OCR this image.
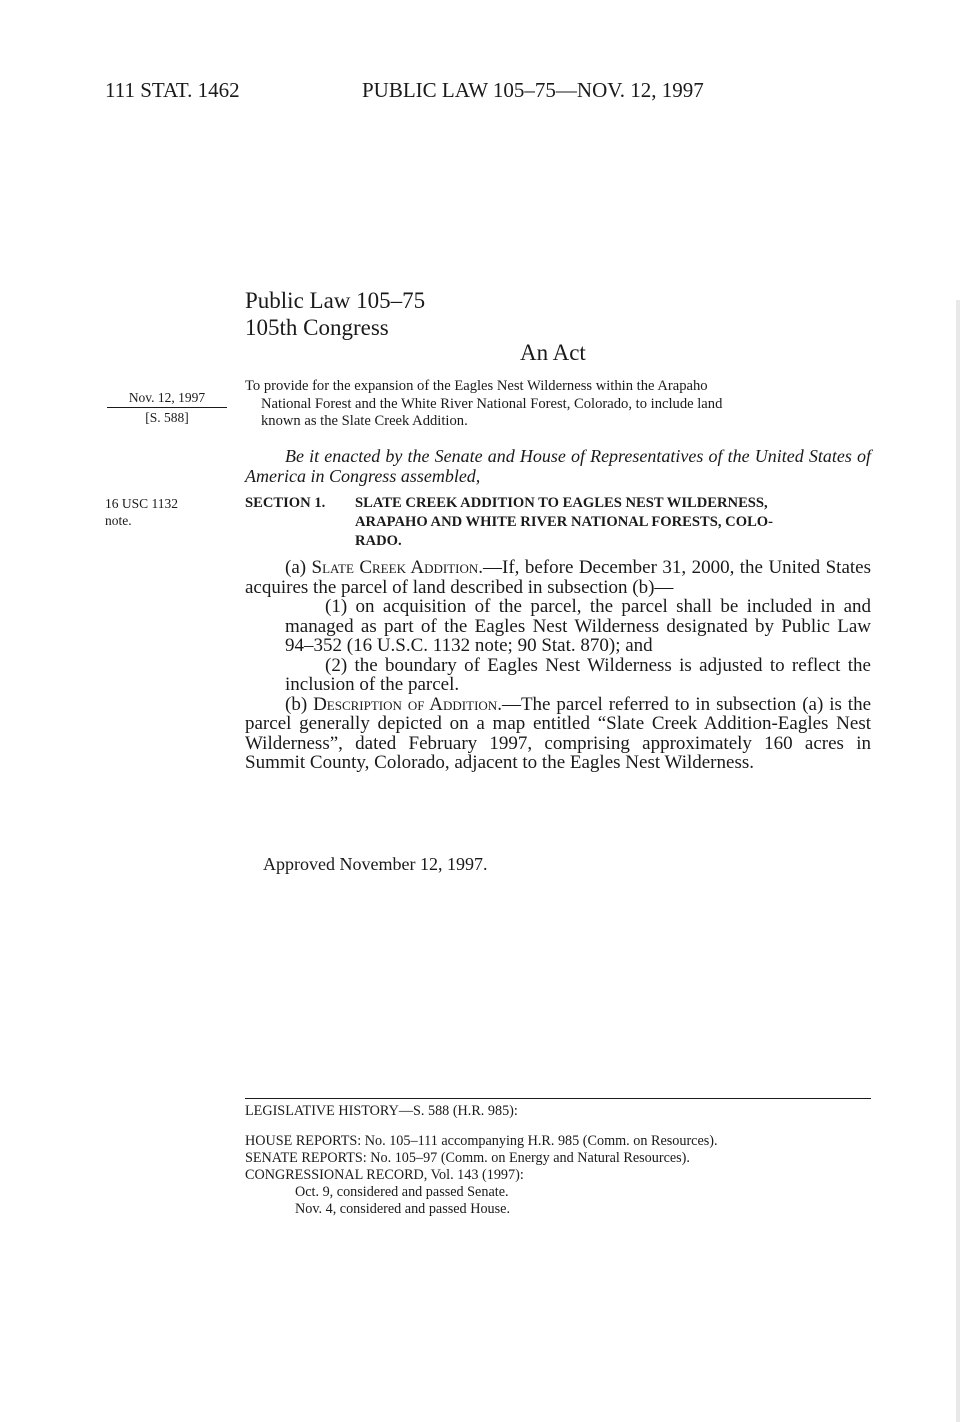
111 STAT. 1462	PUBLIC LAW 105–75—NOV. 12, 1997
Public Law 105–75
105th Congress
An Act
Nov. 12, 1997
[S. 588]
16 USC 1132
note.
To provide for the expansion of the Eagles Nest Wilderness within the Arapaho
National Forest and the White River National Forest, Colorado, to include land
known as the Slate Creek Addition.
Be it enacted by the Senate and House of Representatives of the United States of America in Congress assembled,
SECTION 1. SLATE CREEK ADDITION TO EAGLES NEST WILDERNESS,
ARAPAHO AND WHITE RIVER NATIONAL FORESTS, COLO-
RADO.

(a) Slate Creek Addition.—If, before December 31, 2000, the United States acquires the parcel of land described in subsection (b)—

(1) on acquisition of the parcel, the parcel shall be included in and managed as part of the Eagles Nest Wilderness designated by Public Law 94–352 (16 U.S.C. 1132 note; 90 Stat. 870); and

(2) the boundary of Eagles Nest Wilderness is adjusted to reflect the inclusion of the parcel.

(b) Description of Addition.—The parcel referred to in subsection (a) is the parcel generally depicted on a map entitled “Slate Creek Addition-Eagles Nest Wilderness”, dated February 1997, comprising approximately 160 acres in Summit County, Colorado, adjacent to the Eagles Nest Wilderness.

Approved November 12, 1997.
LEGISLATIVE HISTORY—S. 588 (H.R. 985):
HOUSE REPORTS: No. 105–111 accompanying H.R. 985 (Comm. on Resources).
SENATE REPORTS: No. 105–97 (Comm. on Energy and Natural Resources).
CONGRESSIONAL RECORD, Vol. 143 (1997):
Oct. 9, considered and passed Senate.
Nov. 4, considered and passed House.
